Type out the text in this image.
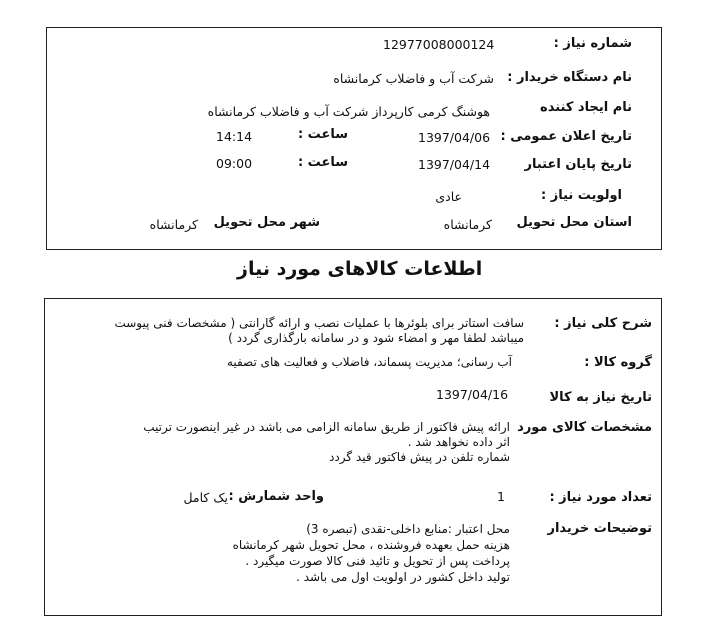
شماره نیاز :
12977008000124
نام دستگاه خریدار :
شرکت آب و فاضلاب کرمانشاه
نام ایجاد کننده
هوشنگ کرمی کارپرداز شرکت آب و فاضلاب کرمانشاه
تاریخ اعلان عمومی :
1397/04/06
ساعت :
14:14
تاریخ پایان اعتبار
1397/04/14
ساعت :
09:00
اولویت نیاز :
عادی
استان محل تحویل
کرمانشاه
شهر محل تحویل
کرمانشاه
اطلاعات کالاهای مورد نیاز
شرح کلی نیاز :
سافت استاتر برای بلوئرها با عملیات نصب و ارائه گارانتی ( مشخصات فنی پیوست
میباشد لطفا مهر و امضاء شود و در سامانه بارگذاری گردد )
گروه کالا :
آب رسانی؛ مدیریت پسماند، فاضلاب و فعالیت های تصفیه
تاریخ نیاز به کالا
1397/04/16
مشخصات کالای مورد
ارائه پیش فاکتور از طریق سامانه الزامی می باشد در غیر اینصورت ترتیب
اثر داده نخواهد شد .
شماره تلفن در پیش فاکتور قید گردد
تعداد مورد نیاز :
1
واحد شمارش :
یک کامل
توضیحات خریدار
محل اعتبار :منابع داخلی-نقدی (تبصره 3)
هزینه حمل بعهده فروشنده ، محل تحویل شهر کرمانشاه
پرداخت پس از تحویل و تائید فنی کالا صورت میگیرد .
تولید داخل کشور در اولویت اول می باشد .
